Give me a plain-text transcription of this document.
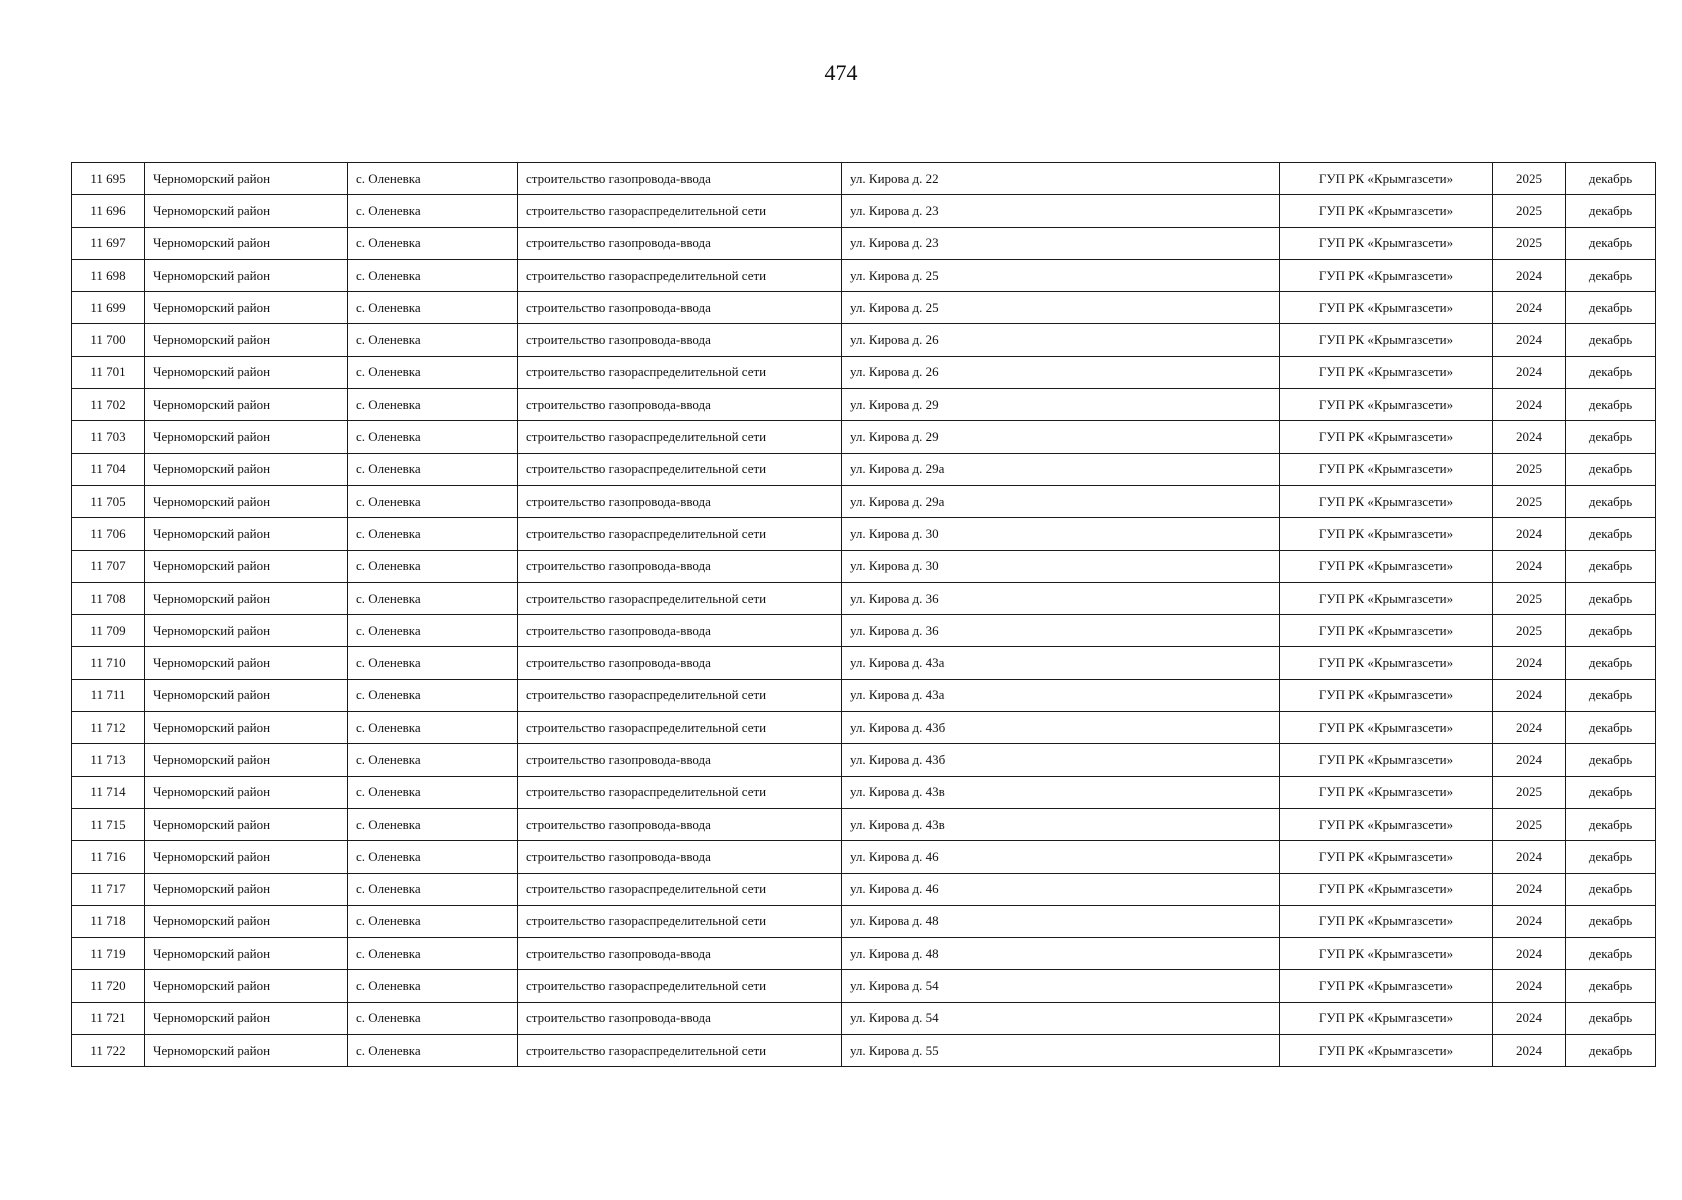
474
11 695	Черноморский район	с. Оленевка	строительство газопровода-ввода	ул. Кирова д. 22	ГУП РК «Крымгазсети»	2025	декабрь
11 696	Черноморский район	с. Оленевка	строительство газораспределительной сети	ул. Кирова д. 23	ГУП РК «Крымгазсети»	2025	декабрь
11 697	Черноморский район	с. Оленевка	строительство газопровода-ввода	ул. Кирова д. 23	ГУП РК «Крымгазсети»	2025	декабрь
11 698	Черноморский район	с. Оленевка	строительство газораспределительной сети	ул. Кирова д. 25	ГУП РК «Крымгазсети»	2024	декабрь
11 699	Черноморский район	с. Оленевка	строительство газопровода-ввода	ул. Кирова д. 25	ГУП РК «Крымгазсети»	2024	декабрь
11 700	Черноморский район	с. Оленевка	строительство газопровода-ввода	ул. Кирова д. 26	ГУП РК «Крымгазсети»	2024	декабрь
11 701	Черноморский район	с. Оленевка	строительство газораспределительной сети	ул. Кирова д. 26	ГУП РК «Крымгазсети»	2024	декабрь
11 702	Черноморский район	с. Оленевка	строительство газопровода-ввода	ул. Кирова д. 29	ГУП РК «Крымгазсети»	2024	декабрь
11 703	Черноморский район	с. Оленевка	строительство газораспределительной сети	ул. Кирова д. 29	ГУП РК «Крымгазсети»	2024	декабрь
11 704	Черноморский район	с. Оленевка	строительство газораспределительной сети	ул. Кирова д. 29а	ГУП РК «Крымгазсети»	2025	декабрь
11 705	Черноморский район	с. Оленевка	строительство газопровода-ввода	ул. Кирова д. 29а	ГУП РК «Крымгазсети»	2025	декабрь
11 706	Черноморский район	с. Оленевка	строительство газораспределительной сети	ул. Кирова д. 30	ГУП РК «Крымгазсети»	2024	декабрь
11 707	Черноморский район	с. Оленевка	строительство газопровода-ввода	ул. Кирова д. 30	ГУП РК «Крымгазсети»	2024	декабрь
11 708	Черноморский район	с. Оленевка	строительство газораспределительной сети	ул. Кирова д. 36	ГУП РК «Крымгазсети»	2025	декабрь
11 709	Черноморский район	с. Оленевка	строительство газопровода-ввода	ул. Кирова д. 36	ГУП РК «Крымгазсети»	2025	декабрь
11 710	Черноморский район	с. Оленевка	строительство газопровода-ввода	ул. Кирова д. 43а	ГУП РК «Крымгазсети»	2024	декабрь
11 711	Черноморский район	с. Оленевка	строительство газораспределительной сети	ул. Кирова д. 43а	ГУП РК «Крымгазсети»	2024	декабрь
11 712	Черноморский район	с. Оленевка	строительство газораспределительной сети	ул. Кирова д. 43б	ГУП РК «Крымгазсети»	2024	декабрь
11 713	Черноморский район	с. Оленевка	строительство газопровода-ввода	ул. Кирова д. 43б	ГУП РК «Крымгазсети»	2024	декабрь
11 714	Черноморский район	с. Оленевка	строительство газораспределительной сети	ул. Кирова д. 43в	ГУП РК «Крымгазсети»	2025	декабрь
11 715	Черноморский район	с. Оленевка	строительство газопровода-ввода	ул. Кирова д. 43в	ГУП РК «Крымгазсети»	2025	декабрь
11 716	Черноморский район	с. Оленевка	строительство газопровода-ввода	ул. Кирова д. 46	ГУП РК «Крымгазсети»	2024	декабрь
11 717	Черноморский район	с. Оленевка	строительство газораспределительной сети	ул. Кирова д. 46	ГУП РК «Крымгазсети»	2024	декабрь
11 718	Черноморский район	с. Оленевка	строительство газораспределительной сети	ул. Кирова д. 48	ГУП РК «Крымгазсети»	2024	декабрь
11 719	Черноморский район	с. Оленевка	строительство газопровода-ввода	ул. Кирова д. 48	ГУП РК «Крымгазсети»	2024	декабрь
11 720	Черноморский район	с. Оленевка	строительство газораспределительной сети	ул. Кирова д. 54	ГУП РК «Крымгазсети»	2024	декабрь
11 721	Черноморский район	с. Оленевка	строительство газопровода-ввода	ул. Кирова д. 54	ГУП РК «Крымгазсети»	2024	декабрь
11 722	Черноморский район	с. Оленевка	строительство газораспределительной сети	ул. Кирова д. 55	ГУП РК «Крымгазсети»	2024	декабрь
